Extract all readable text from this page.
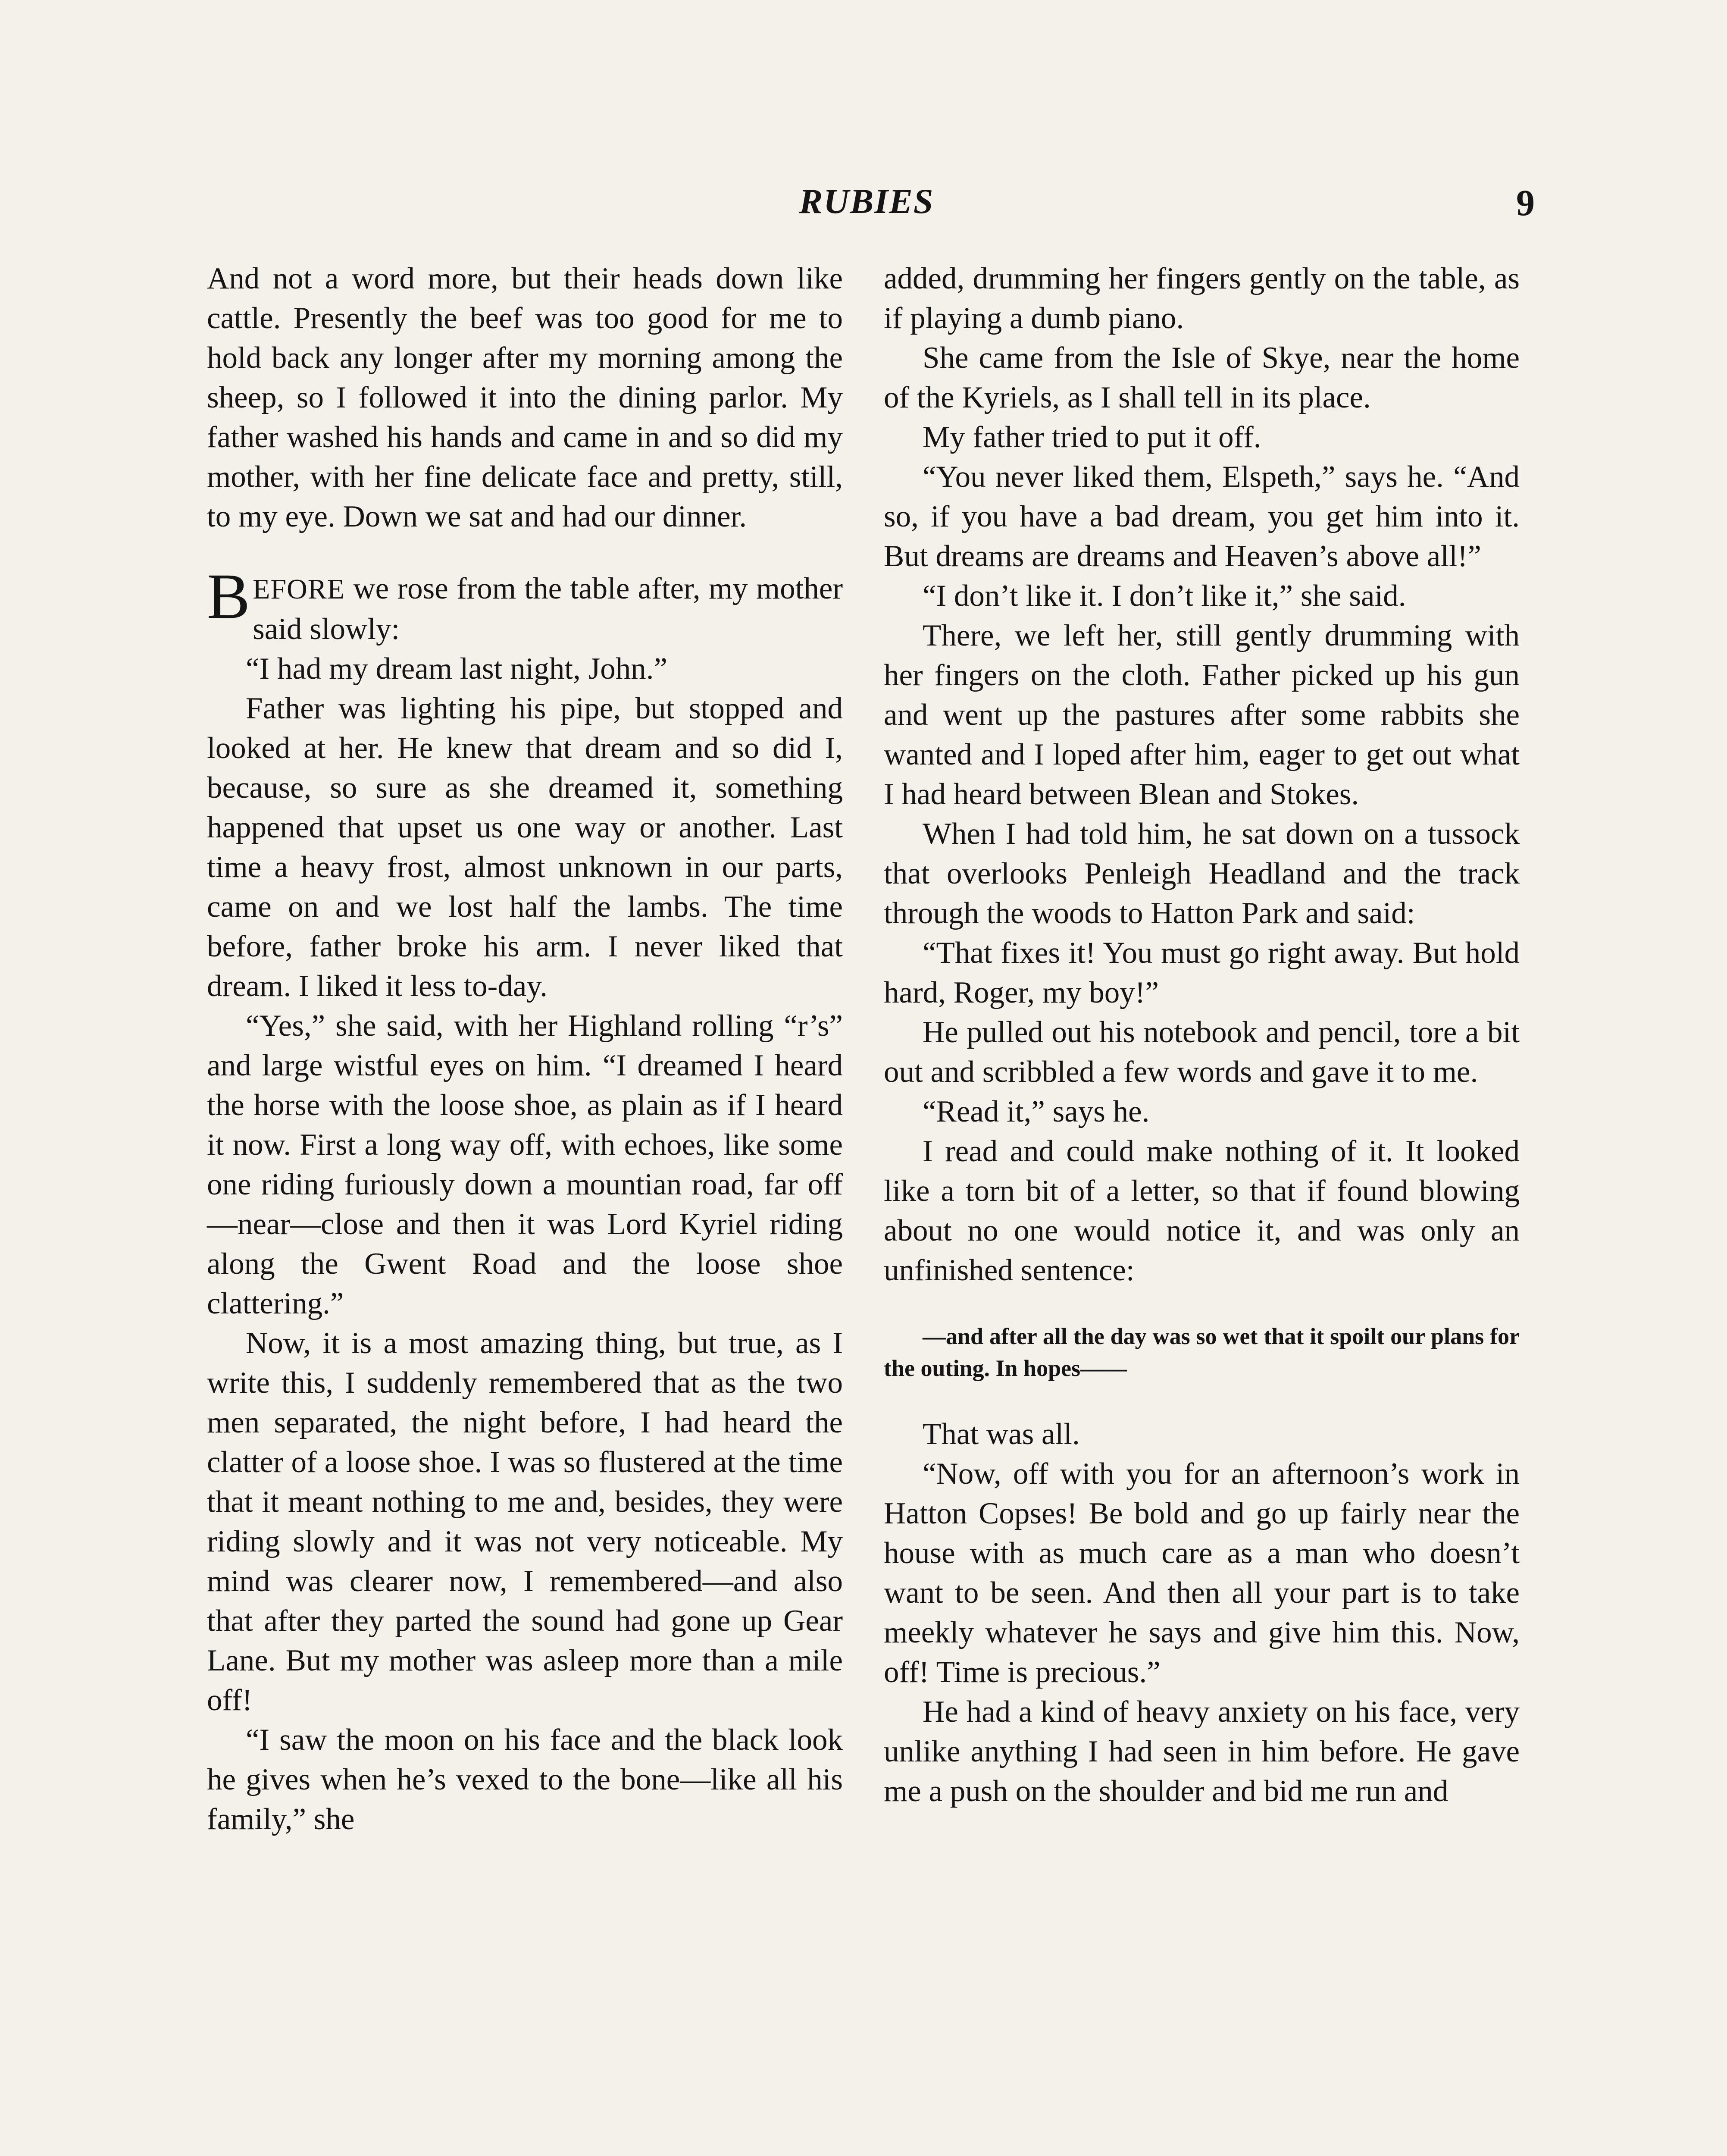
RUBIES	9

And not a word more, but their heads down like cattle. Presently the beef was too good for me to hold back any longer after my morning among the sheep, so I followed it into the dining parlor. My father washed his hands and came in and so did my mother, with her fine delicate face and pretty, still, to my eye. Down we sat and had our dinner.

BEFORE we rose from the table after, my mother said slowly:

“I had my dream last night, John.”

Father was lighting his pipe, but stopped and looked at her. He knew that dream and so did I, because, so sure as she dreamed it, something happened that upset us one way or another. Last time a heavy frost, almost unknown in our parts, came on and we lost half the lambs. The time before, father broke his arm. I never liked that dream. I liked it less to-day.

“Yes,” she said, with her Highland rolling “r’s” and large wistful eyes on him. “I dreamed I heard the horse with the loose shoe, as plain as if I heard it now. First a long way off, with echoes, like some one riding furiously down a mountian road, far off—near—close and then it was Lord Kyriel riding along the Gwent Road and the loose shoe clattering.”

Now, it is a most amazing thing, but true, as I write this, I suddenly remembered that as the two men separated, the night before, I had heard the clatter of a loose shoe. I was so flustered at the time that it meant nothing to me and, besides, they were riding slowly and it was not very noticeable. My mind was clearer now, I remembered—and also that after they parted the sound had gone up Gear Lane. But my mother was asleep more than a mile off!

“I saw the moon on his face and the black look he gives when he’s vexed to the bone—like all his family,” she

added, drumming her fingers gently on the table, as if playing a dumb piano.

She came from the Isle of Skye, near the home of the Kyriels, as I shall tell in its place.

My father tried to put it off.

“You never liked them, Elspeth,” says he. “And so, if you have a bad dream, you get him into it. But dreams are dreams and Heaven’s above all!”

“I don’t like it. I don’t like it,” she said.

There, we left her, still gently drumming with her fingers on the cloth. Father picked up his gun and went up the pastures after some rabbits she wanted and I loped after him, eager to get out what I had heard between Blean and Stokes.

When I had told him, he sat down on a tussock that overlooks Penleigh Headland and the track through the woods to Hatton Park and said:

“That fixes it! You must go right away. But hold hard, Roger, my boy!”

He pulled out his notebook and pencil, tore a bit out and scribbled a few words and gave it to me.

“Read it,” says he.

I read and could make nothing of it. It looked like a torn bit of a letter, so that if found blowing about no one would notice it, and was only an unfinished sentence:

—and after all the day was so wet that it spoilt our plans for the outing. In hopes——

That was all.

“Now, off with you for an afternoon’s work in Hatton Copses! Be bold and go up fairly near the house with as much care as a man who doesn’t want to be seen. And then all your part is to take meekly whatever he says and give him this. Now, off! Time is precious.”

He had a kind of heavy anxiety on his face, very unlike anything I had seen in him before. He gave me a push on the shoulder and bid me run and
